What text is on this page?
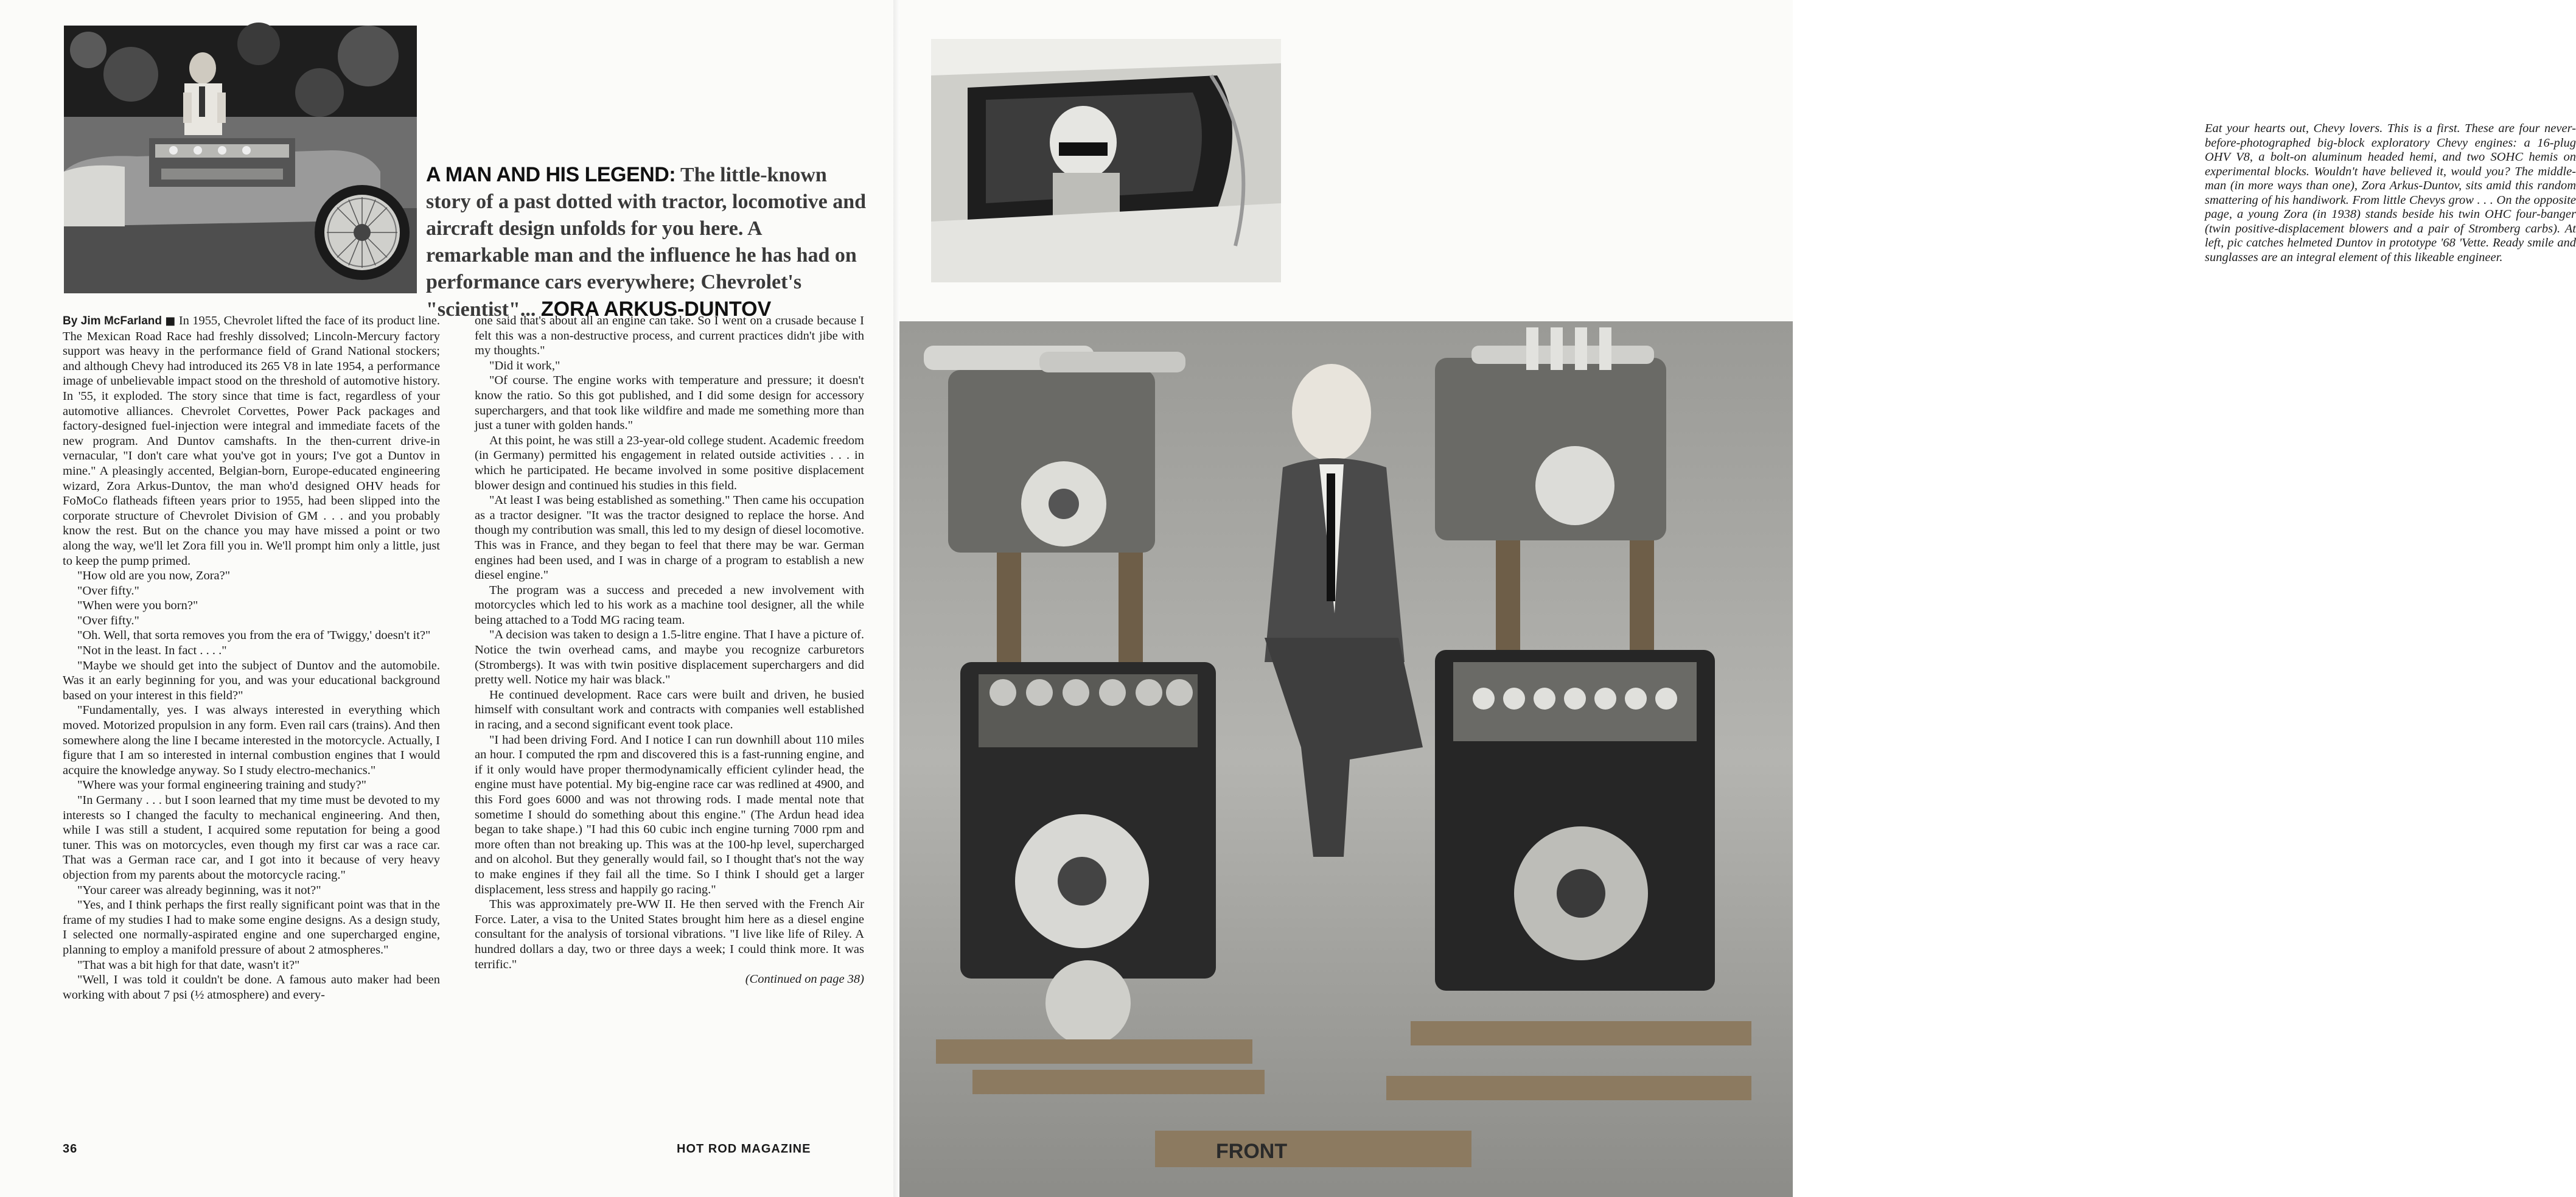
A MAN AND HIS LEGEND: The little-known story of a past dotted with tractor, locomotive and aircraft design unfolds for you here. A remarkable man and the influence he has had on performance cars everywhere; Chevrolet's "scientist"... ZORA ARKUS-DUNTOV

By Jim McFarland ■ In 1955, Chevrolet lifted the face of its product line. The Mexican Road Race had freshly dissolved; Lincoln-Mercury factory support was heavy in the performance field of Grand National stockers; and although Chevy had introduced its 265 V8 in late 1954, a performance image of unbelievable impact stood on the threshold of automotive history. In '55, it exploded. The story since that time is fact, regardless of your automotive alliances. Chevrolet Corvettes, Power Pack packages and factory-designed fuel-injection were integral and immediate facets of the new program. And Duntov camshafts. In the then-current drive-in vernacular, "I don't care what you've got in yours; I've got a Duntov in mine." A pleasingly accented, Belgian-born, Europe-educated engineering wizard, Zora Arkus-Duntov, the man who'd designed OHV heads for FoMoCo flatheads fifteen years prior to 1955, had been slipped into the corporate structure of Chevrolet Division of GM . . . and you probably know the rest. But on the chance you may have missed a point or two along the way, we'll let Zora fill you in. We'll prompt him only a little, just to keep the pump primed.

"How old are you now, Zora?"

"Over fifty."

"When were you born?"

"Over fifty."

"Oh. Well, that sorta removes you from the era of 'Twiggy,' doesn't it?"

"Not in the least. In fact . . . ."

"Maybe we should get into the subject of Duntov and the automobile. Was it an early beginning for you, and was your educational background based on your interest in this field?"

"Fundamentally, yes. I was always interested in everything which moved. Motorized propulsion in any form. Even rail cars (trains). And then somewhere along the line I became interested in the motorcycle. Actually, I figure that I am so interested in internal combustion engines that I would acquire the knowledge anyway. So I study electro-mechanics."

"Where was your formal engineering training and study?"

"In Germany . . . but I soon learned that my time must be devoted to my interests so I changed the faculty to mechanical engineering. And then, while I was still a student, I acquired some reputation for being a good tuner. This was on motorcycles, even though my first car was a race car. That was a German race car, and I got into it because of very heavy objection from my parents about the motorcycle racing."

"Your career was already beginning, was it not?"

"Yes, and I think perhaps the first really significant point was that in the frame of my studies I had to make some engine designs. As a design study, I selected one normally-aspirated engine and one supercharged engine, planning to employ a manifold pressure of about 2 atmospheres."

"That was a bit high for that date, wasn't it?"

"Well, I was told it couldn't be done. A famous auto maker had been working with about 7 psi (½ atmosphere) and every-

one said that's about all an engine can take. So I went on a crusade because I felt this was a non-destructive process, and current practices didn't jibe with my thoughts."

"Did it work,"

"Of course. The engine works with temperature and pressure; it doesn't know the ratio. So this got published, and I did some design for accessory superchargers, and that took like wildfire and made me something more than just a tuner with golden hands."

At this point, he was still a 23-year-old college student. Academic freedom (in Germany) permitted his engagement in related outside activities . . . in which he participated. He became involved in some positive displacement blower design and continued his studies in this field.

"At least I was being established as something." Then came his occupation as a tractor designer. "It was the tractor designed to replace the horse. And though my contribution was small, this led to my design of diesel locomotive. This was in France, and they began to feel that there may be war. German engines had been used, and I was in charge of a program to establish a new diesel engine."

The program was a success and preceded a new involvement with motorcycles which led to his work as a machine tool designer, all the while being attached to a Todd MG racing team.

"A decision was taken to design a 1.5-litre engine. That I have a picture of. Notice the twin overhead cams, and maybe you recognize carburetors (Strombergs). It was with twin positive displacement superchargers and did pretty well. Notice my hair was black."

He continued development. Race cars were built and driven, he busied himself with consultant work and contracts with companies well established in racing, and a second significant event took place.

"I had been driving Ford. And I notice I can run downhill about 110 miles an hour. I computed the rpm and discovered this is a fast-running engine, and if it only would have proper thermodynamically efficient cylinder head, the engine must have potential. My big-engine race car was redlined at 4900, and this Ford goes 6000 and was not throwing rods. I made mental note that sometime I should do something about this engine." (The Ardun head idea began to take shape.) "I had this 60 cubic inch engine turning 7000 rpm and more often than not breaking up. This was at the 100-hp level, supercharged and on alcohol. But they generally would fail, so I thought that's not the way to make engines if they fail all the time. So I think I should get a larger displacement, less stress and happily go racing."

This was approximately pre-WW II. He then served with the French Air Force. Later, a visa to the United States brought him here as a diesel engine consultant for the analysis of torsional vibrations. "I live like life of Riley. A hundred dollars a day, two or three days a week; I could think more. It was terrific."

(Continued on page 38)
36	HOT ROD MAGAZINE
Eat your hearts out, Chevy lovers. This is a first. These are four never-before-photographed big-block exploratory Chevy engines: a 16-plug OHV V8, a bolt-on aluminum headed hemi, and two SOHC hemis on experimental blocks. Wouldn't have believed it, would you? The middle-man (in more ways than one), Zora Arkus-Duntov, sits amid this random smattering of his handiwork. From little Chevys grow . . . On the opposite page, a young Zora (in 1938) stands beside his twin OHC four-banger (twin positive-displacement blowers and a pair of Stromberg carbs). At left, pic catches helmeted Duntov in prototype '68 'Vette. Ready smile and sunglasses are an integral element of this likeable engineer.
FRONT
